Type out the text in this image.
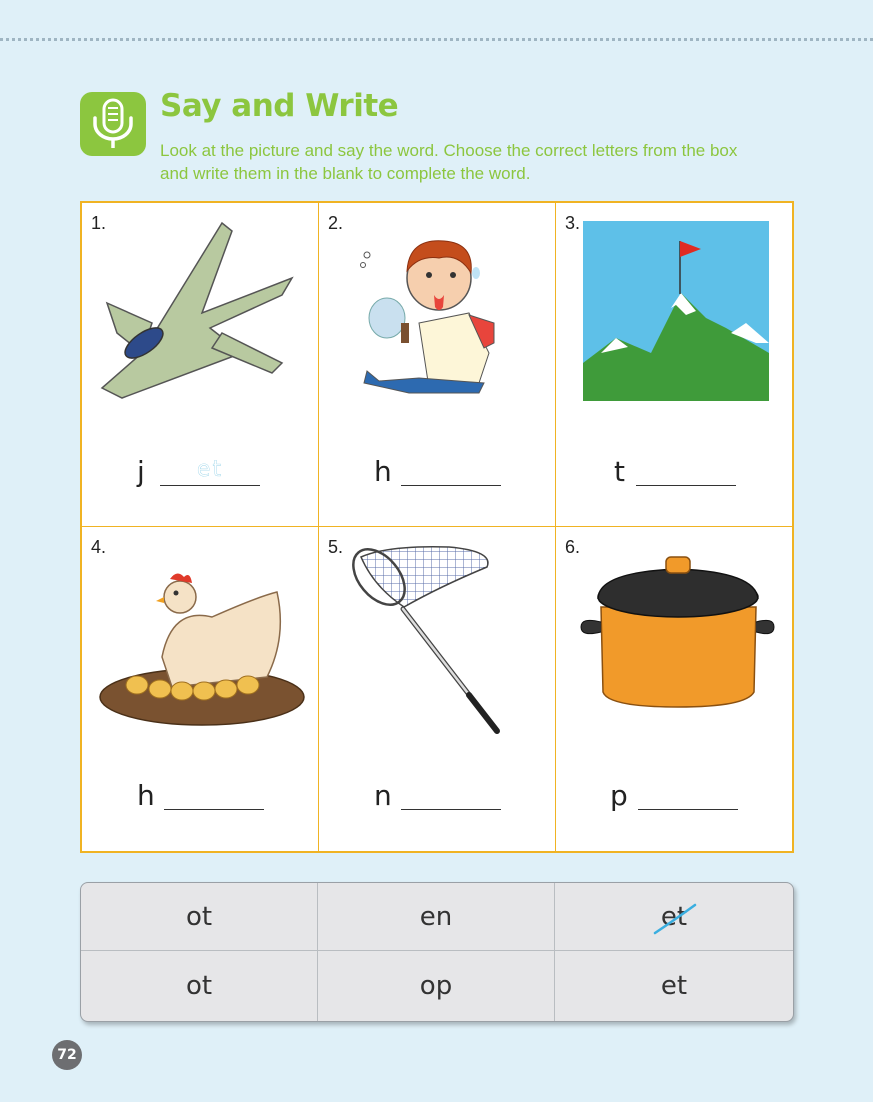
Say and Write
Look at the picture and say the word. Choose the correct letters from the box and write them in the blank to complete the word.
1.
j	et
2.
h
3.
t
4.
h
5.
n
6.
p
ot	en	et
ot	op	et
72
